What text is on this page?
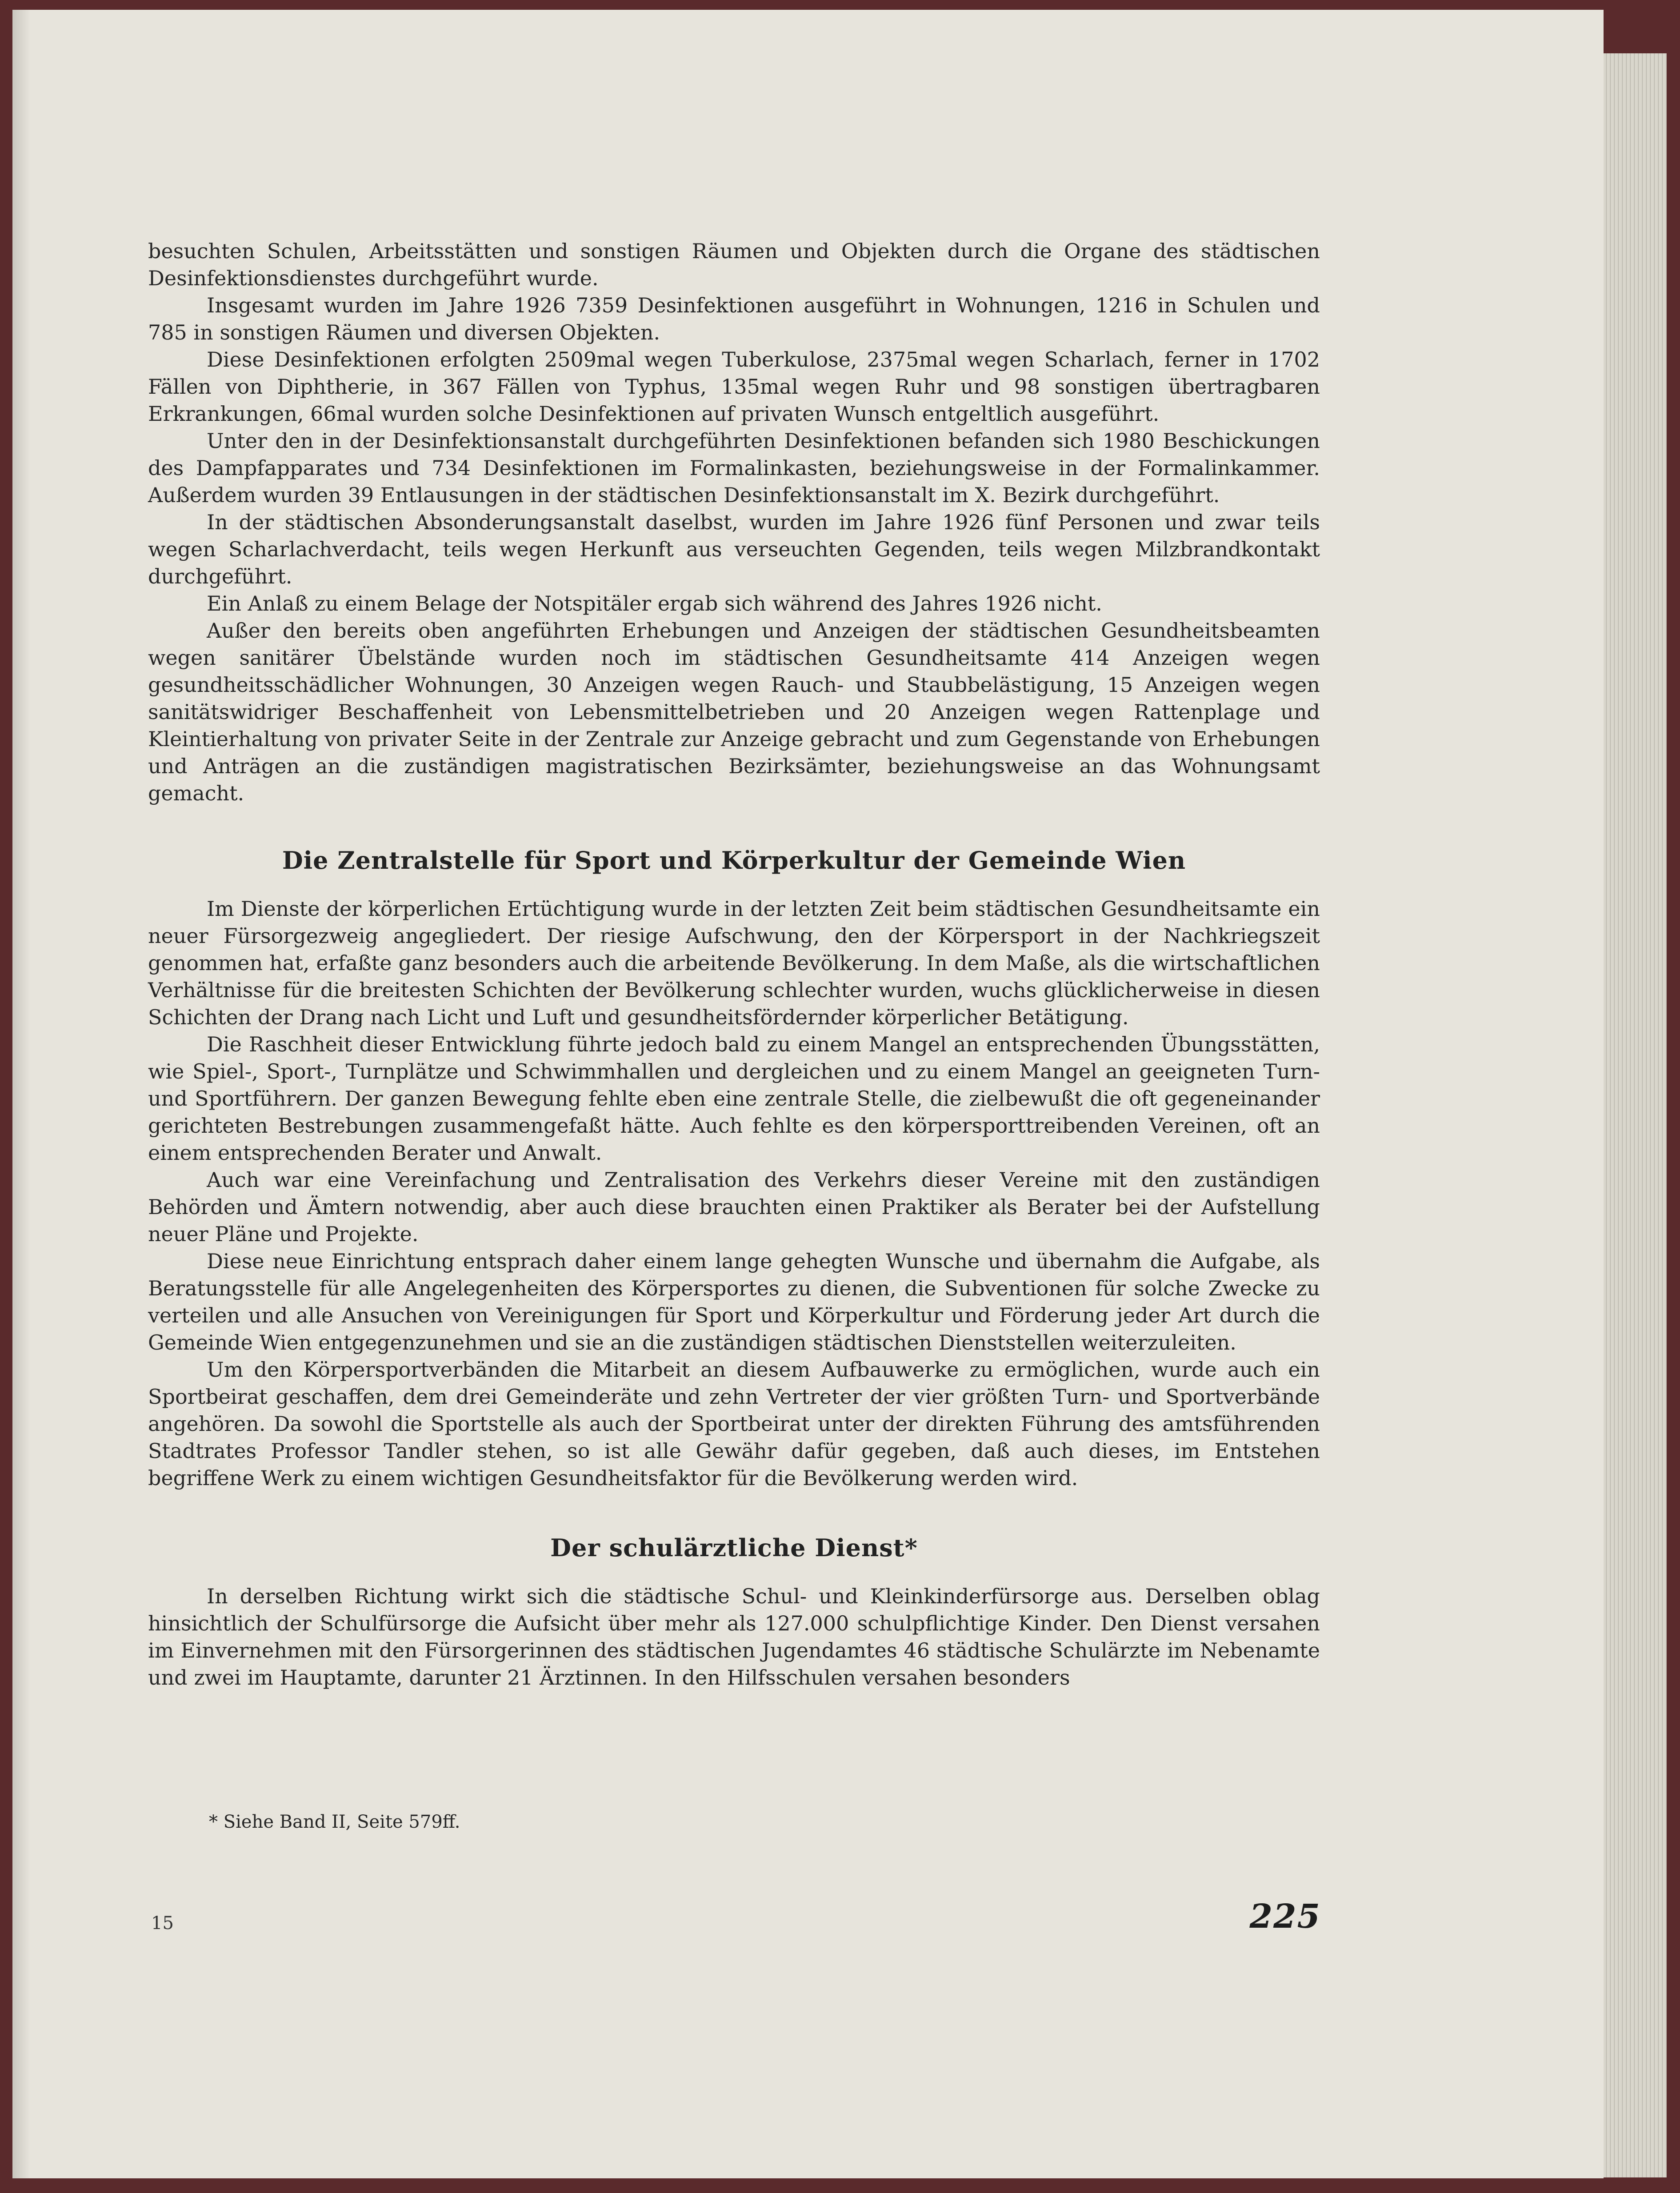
besuchten Schulen, Arbeitsstätten und sonstigen Räumen und Objekten durch die Organe des städtischen Desinfektionsdienstes durchgeführt wurde.

Insgesamt wurden im Jahre 1926 7359 Desinfektionen ausgeführt in Wohnungen, 1216 in Schulen und 785 in sonstigen Räumen und diversen Objekten.

Diese Desinfektionen erfolgten 2509mal wegen Tuberkulose, 2375mal wegen Scharlach, ferner in 1702 Fällen von Diphtherie, in 367 Fällen von Typhus, 135mal wegen Ruhr und 98 sonstigen übertragbaren Erkrankungen, 66mal wurden solche Desinfektionen auf privaten Wunsch entgeltlich ausgeführt.

Unter den in der Desinfektionsanstalt durchgeführten Desinfektionen befanden sich 1980 Beschickungen des Dampfapparates und 734 Desinfektionen im Formalinkasten, beziehungsweise in der Formalinkammer. Außerdem wurden 39 Entlausungen in der städtischen Desinfektionsanstalt im X. Bezirk durchgeführt.

In der städtischen Absonderungsanstalt daselbst, wurden im Jahre 1926 fünf Personen und zwar teils wegen Scharlachverdacht, teils wegen Herkunft aus verseuchten Gegenden, teils wegen Milzbrandkontakt durchgeführt.

Ein Anlaß zu einem Belage der Notspitäler ergab sich während des Jahres 1926 nicht.

Außer den bereits oben angeführten Erhebungen und Anzeigen der städtischen Gesundheitsbeamten wegen sanitärer Übelstände wurden noch im städtischen Gesundheitsamte 414 Anzeigen wegen gesundheitsschädlicher Wohnungen, 30 Anzeigen wegen Rauch- und Staubbelästigung, 15 Anzeigen wegen sanitätswidriger Beschaffenheit von Lebensmittelbetrieben und 20 Anzeigen wegen Rattenplage und Kleintierhaltung von privater Seite in der Zentrale zur Anzeige gebracht und zum Gegenstande von Erhebungen und Anträgen an die zuständigen magistratischen Bezirksämter, beziehungsweise an das Wohnungsamt gemacht.

Die Zentralstelle für Sport und Körperkultur der Gemeinde Wien

Im Dienste der körperlichen Ertüchtigung wurde in der letzten Zeit beim städtischen Gesundheitsamte ein neuer Fürsorgezweig angegliedert. Der riesige Aufschwung, den der Körpersport in der Nachkriegszeit genommen hat, erfaßte ganz besonders auch die arbeitende Bevölkerung. In dem Maße, als die wirtschaftlichen Verhältnisse für die breitesten Schichten der Bevölkerung schlechter wurden, wuchs glücklicherweise in diesen Schichten der Drang nach Licht und Luft und gesundheitsfördernder körperlicher Betätigung.

Die Raschheit dieser Entwicklung führte jedoch bald zu einem Mangel an entsprechenden Übungsstätten, wie Spiel-, Sport-, Turnplätze und Schwimmhallen und dergleichen und zu einem Mangel an geeigneten Turn- und Sportführern. Der ganzen Bewegung fehlte eben eine zentrale Stelle, die zielbewußt die oft gegeneinander gerichteten Bestrebungen zusammengefaßt hätte. Auch fehlte es den körpersporttreibenden Vereinen, oft an einem entsprechenden Berater und Anwalt.

Auch war eine Vereinfachung und Zentralisation des Verkehrs dieser Vereine mit den zuständigen Behörden und Ämtern notwendig, aber auch diese brauchten einen Praktiker als Berater bei der Aufstellung neuer Pläne und Projekte.

Diese neue Einrichtung entsprach daher einem lange gehegten Wunsche und übernahm die Aufgabe, als Beratungsstelle für alle Angelegenheiten des Körpersportes zu dienen, die Subventionen für solche Zwecke zu verteilen und alle Ansuchen von Vereinigungen für Sport und Körperkultur und Förderung jeder Art durch die Gemeinde Wien entgegenzunehmen und sie an die zuständigen städtischen Dienststellen weiterzuleiten.

Um den Körpersportverbänden die Mitarbeit an diesem Aufbauwerke zu ermöglichen, wurde auch ein Sportbeirat geschaffen, dem drei Gemeinderäte und zehn Vertreter der vier größten Turn- und Sportverbände angehören. Da sowohl die Sportstelle als auch der Sportbeirat unter der direkten Führung des amtsführenden Stadtrates Professor Tandler stehen, so ist alle Gewähr dafür gegeben, daß auch dieses, im Entstehen begriffene Werk zu einem wichtigen Gesundheitsfaktor für die Bevölkerung werden wird.

Der schulärztliche Dienst*

In derselben Richtung wirkt sich die städtische Schul- und Kleinkinderfürsorge aus. Derselben oblag hinsichtlich der Schulfürsorge die Aufsicht über mehr als 127.000 schulpflichtige Kinder. Den Dienst versahen im Einvernehmen mit den Fürsorgerinnen des städtischen Jugendamtes 46 städtische Schulärzte im Nebenamte und zwei im Hauptamte, darunter 21 Ärztinnen. In den Hilfsschulen versahen besonders

* Siehe Band II, Seite 579ff.
15	225
